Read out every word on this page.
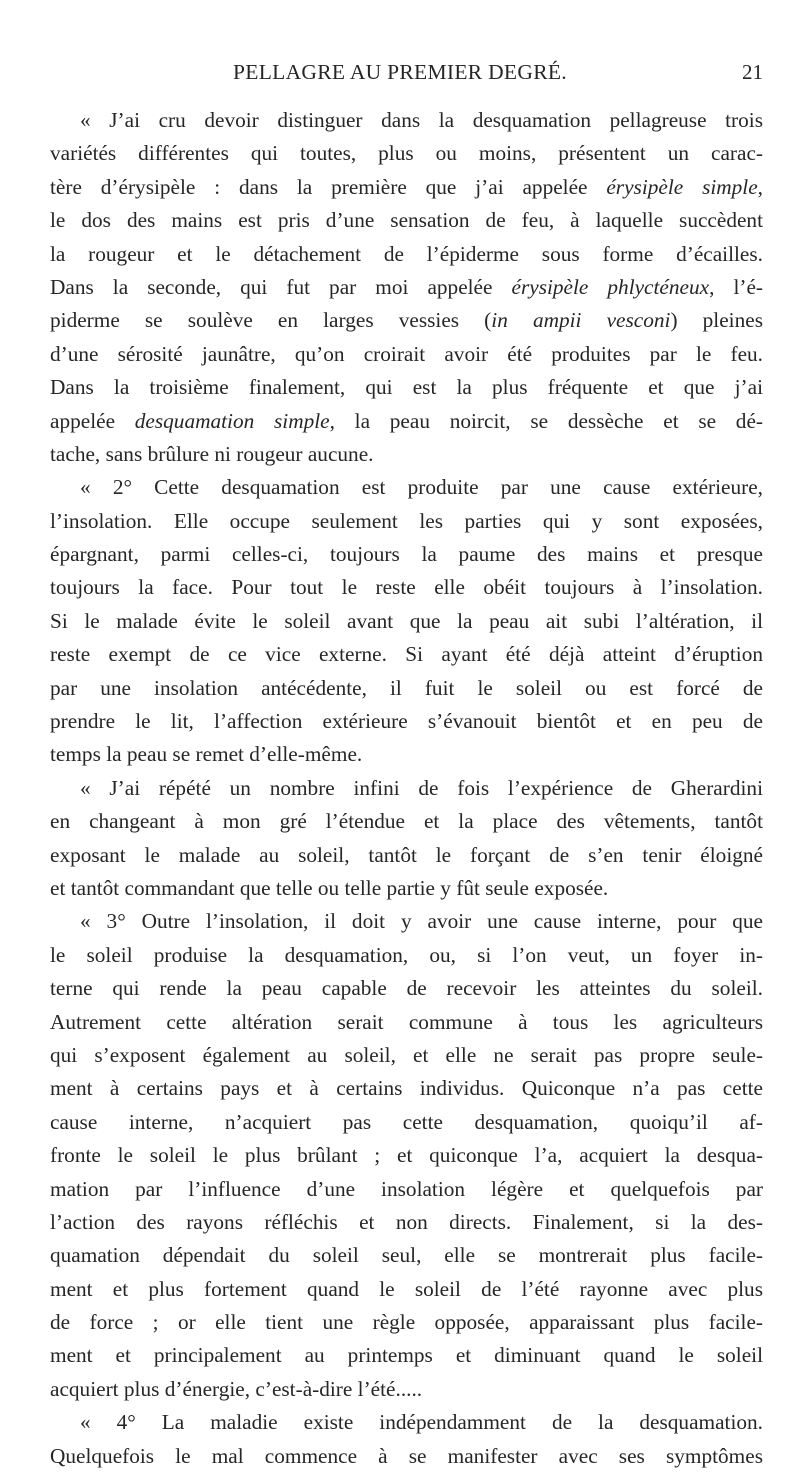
PELLAGRE AU PREMIER DEGRÉ.	21
« J’ai cru devoir distinguer dans la desquamation pellagreuse trois
variétés différentes qui toutes, plus ou moins, présentent un carac-
tère d’érysipèle : dans la première que j’ai appelée érysipèle simple,
le dos des mains est pris d’une sensation de feu, à laquelle succèdent
la rougeur et le détachement de l’épiderme sous forme d’écailles.
Dans la seconde, qui fut par moi appelée érysipèle phlycténeux, l’é-
piderme se soulève en larges vessies (in ampii vesconi) pleines
d’une sérosité jaunâtre, qu’on croirait avoir été produites par le feu.
Dans la troisième finalement, qui est la plus fréquente et que j’ai
appelée desquamation simple, la peau noircit, se dessèche et se dé-
tache, sans brûlure ni rougeur aucune.
« 2° Cette desquamation est produite par une cause extérieure,
l’insolation. Elle occupe seulement les parties qui y sont exposées,
épargnant, parmi celles-ci, toujours la paume des mains et presque
toujours la face. Pour tout le reste elle obéit toujours à l’insolation.
Si le malade évite le soleil avant que la peau ait subi l’altération, il
reste exempt de ce vice externe. Si ayant été déjà atteint d’éruption
par une insolation antécédente, il fuit le soleil ou est forcé de
prendre le lit, l’affection extérieure s’évanouit bientôt et en peu de
temps la peau se remet d’elle-même.
« J’ai répété un nombre infini de fois l’expérience de Gherardini
en changeant à mon gré l’étendue et la place des vêtements, tantôt
exposant le malade au soleil, tantôt le forçant de s’en tenir éloigné
et tantôt commandant que telle ou telle partie y fût seule exposée.
« 3° Outre l’insolation, il doit y avoir une cause interne, pour que
le soleil produise la desquamation, ou, si l’on veut, un foyer in-
terne qui rende la peau capable de recevoir les atteintes du soleil.
Autrement cette altération serait commune à tous les agriculteurs
qui s’exposent également au soleil, et elle ne serait pas propre seule-
ment à certains pays et à certains individus. Quiconque n’a pas cette
cause interne, n’acquiert pas cette desquamation, quoiqu’il af-
fronte le soleil le plus brûlant ; et quiconque l’a, acquiert la desqua-
mation par l’influence d’une insolation légère et quelquefois par
l’action des rayons réfléchis et non directs. Finalement, si la des-
quamation dépendait du soleil seul, elle se montrerait plus facile-
ment et plus fortement quand le soleil de l’été rayonne avec plus
de force ; or elle tient une règle opposée, apparaissant plus facile-
ment et principalement au printemps et diminuant quand le soleil
acquiert plus d’énergie, c’est-à-dire l’été.....
« 4° La maladie existe indépendamment de la desquamation.
Quelquefois le mal commence à se manifester avec ses symptômes
